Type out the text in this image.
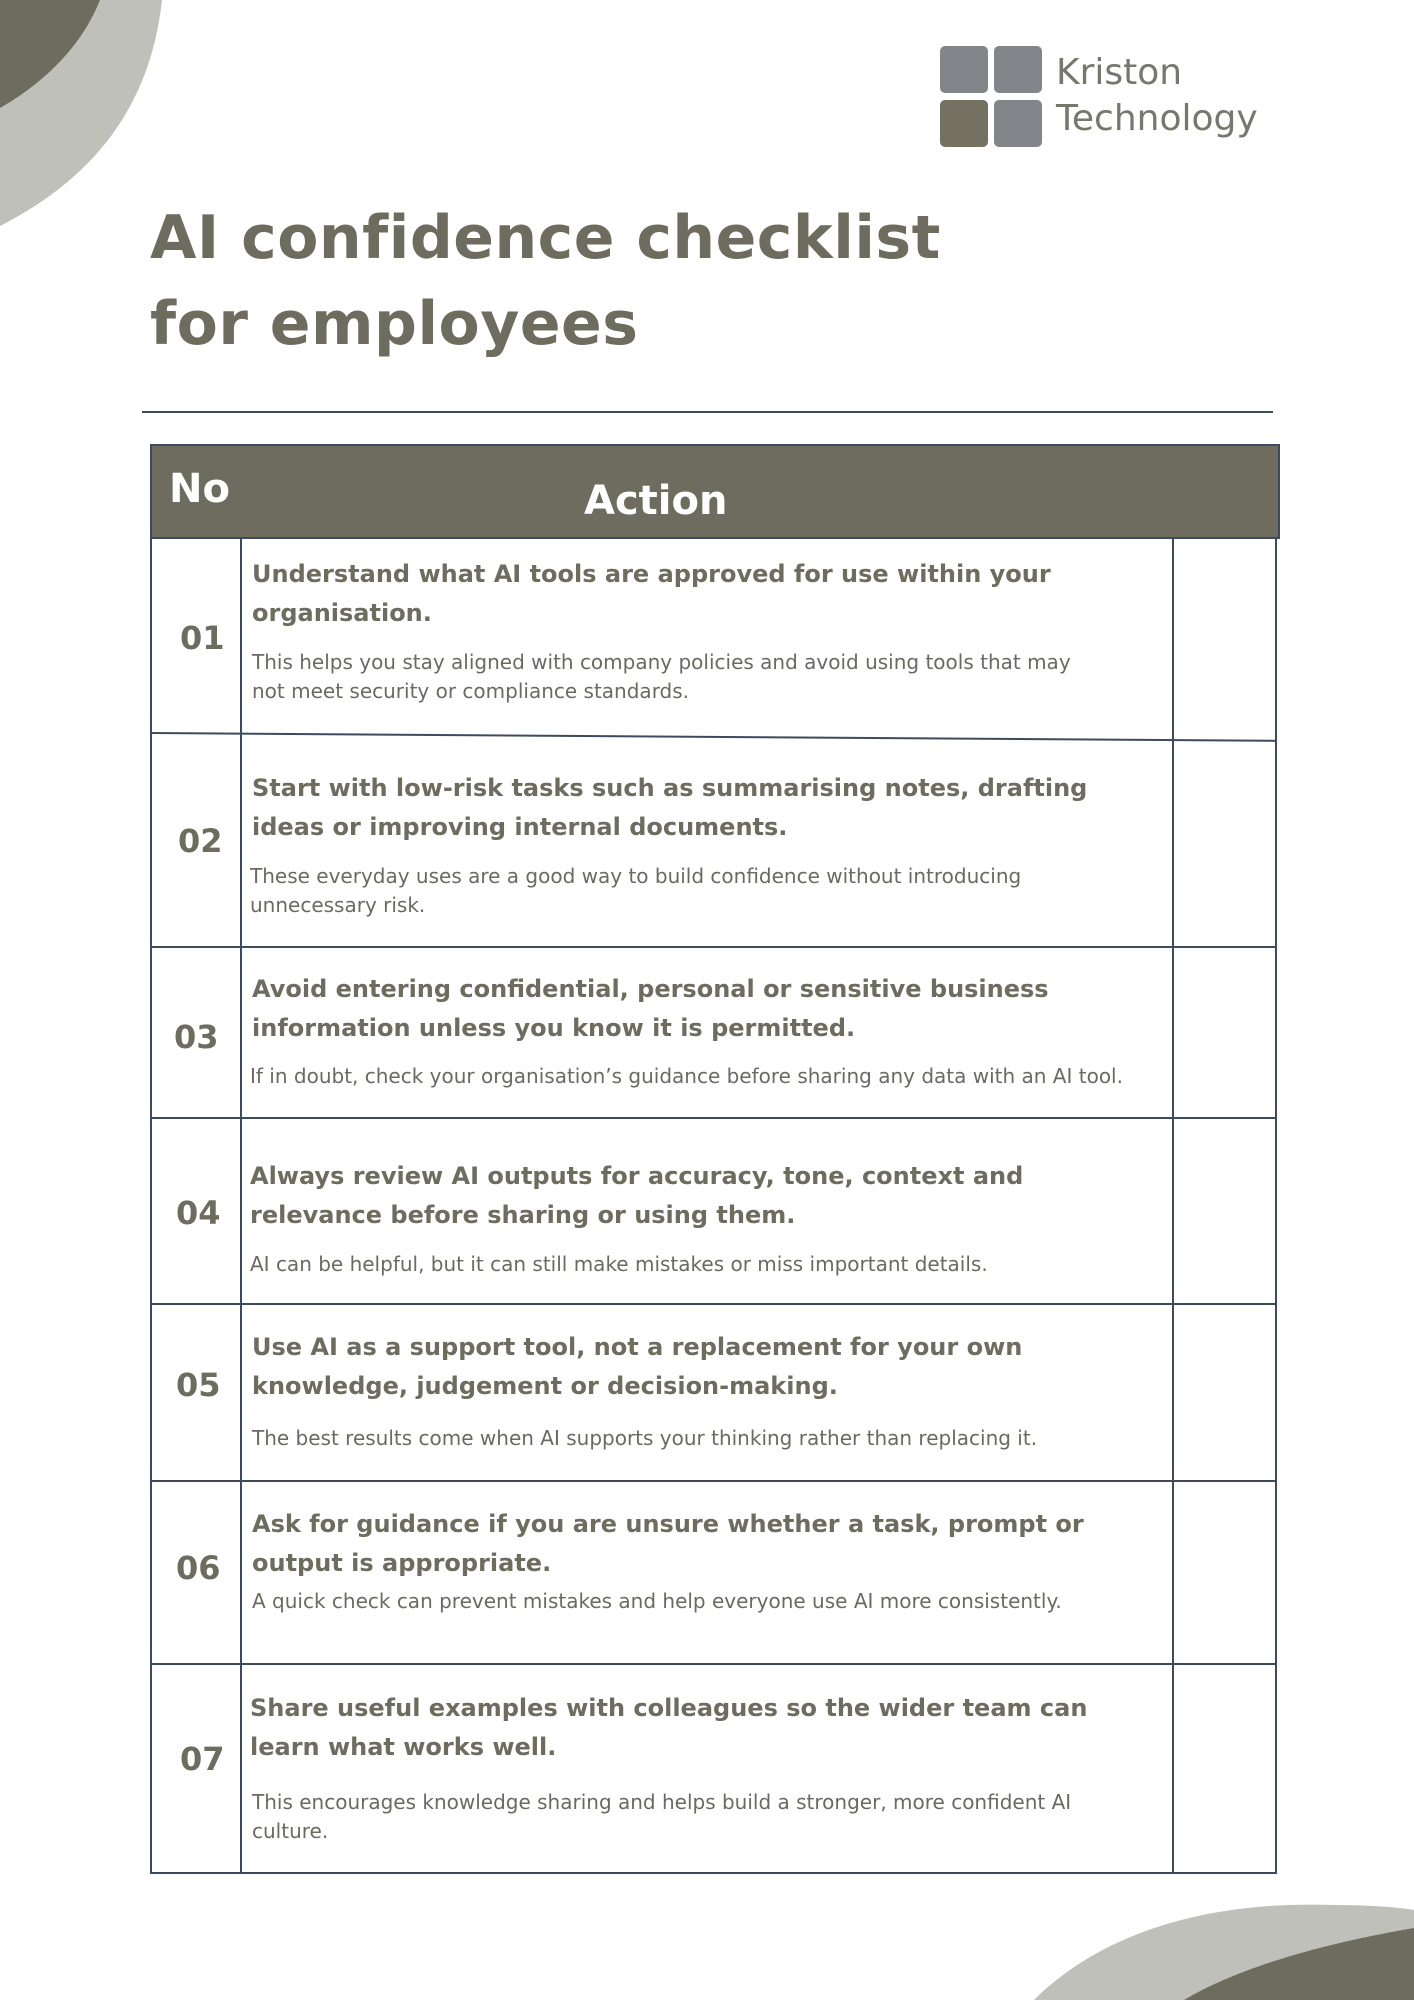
Kriston
Technology
AI confidence checklist
for employees
No	Action
01

Understand what AI tools are approved for use within your organisation.

This helps you stay aligned with company policies and avoid using tools that may not meet security or compliance standards.

02

Start with low-risk tasks such as summarising notes, drafting ideas or improving internal documents.

These everyday uses are a good way to build confidence without introducing unnecessary risk.

03

Avoid entering confidential, personal or sensitive business information unless you know it is permitted.

If in doubt, check your organisation’s guidance before sharing any data with an AI tool.

04

Always review AI outputs for accuracy, tone, context and relevance before sharing or using them.

AI can be helpful, but it can still make mistakes or miss important details.

05

Use AI as a support tool, not a replacement for your own knowledge, judgement or decision-making.

The best results come when AI supports your thinking rather than replacing it.

06

Ask for guidance if you are unsure whether a task, prompt or output is appropriate.

A quick check can prevent mistakes and help everyone use AI more consistently.

07

Share useful examples with colleagues so the wider team can learn what works well.

This encourages knowledge sharing and helps build a stronger, more confident AI culture.
